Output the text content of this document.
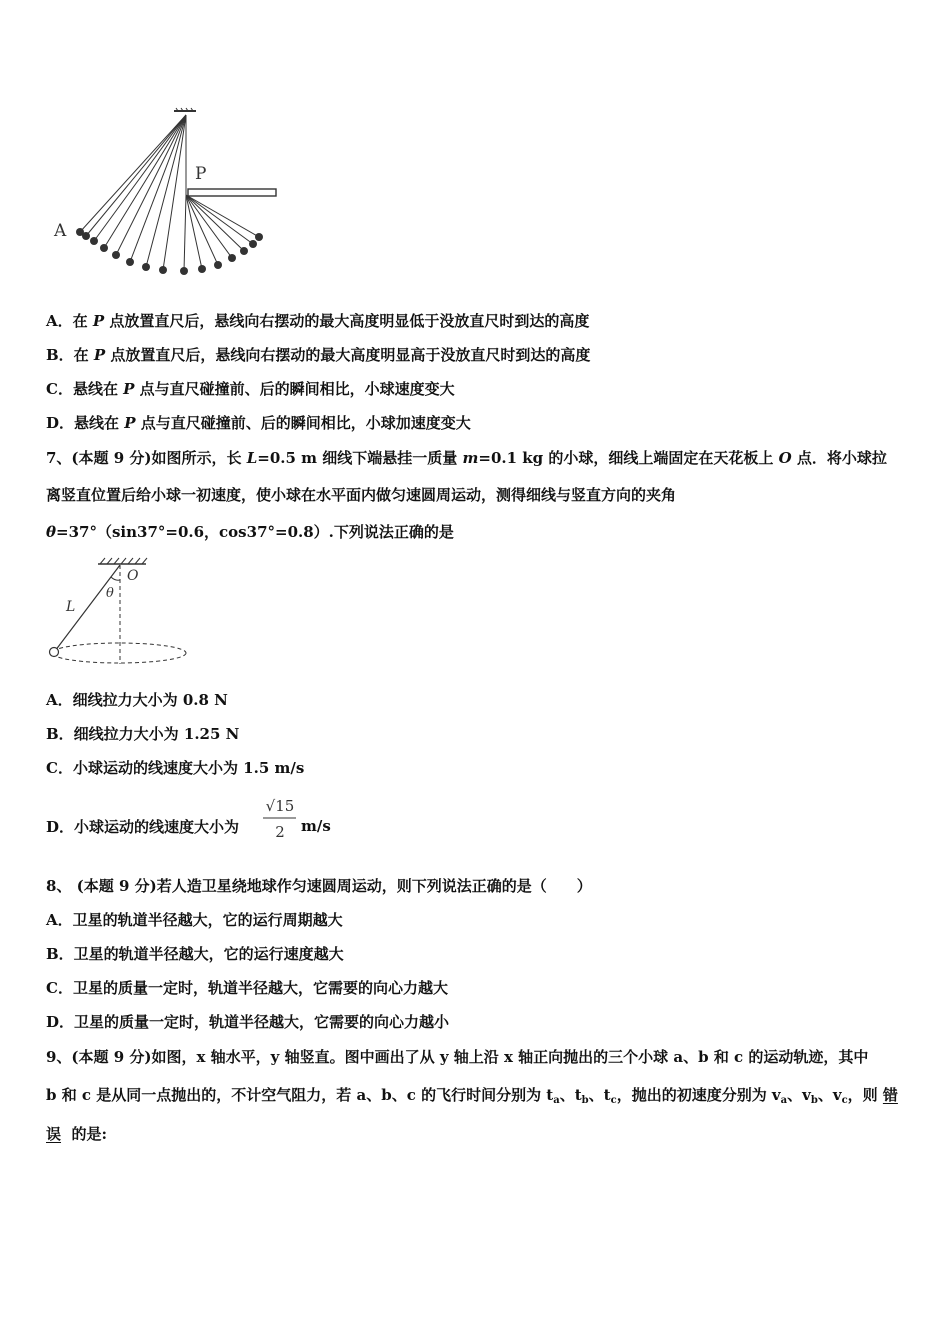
A
P
A．在 P 点放置直尺后，悬线向右摆动的最大高度明显低于没放直尺时到达的高度
B．在 P 点放置直尺后，悬线向右摆动的最大高度明显高于没放直尺时到达的高度
C．悬线在 P 点与直尺碰撞前、后的瞬间相比，小球速度变大
D．悬线在 P 点与直尺碰撞前、后的瞬间相比，小球加速度变大
7、(本题 9 分)如图所示，长 L=0.5 m 细线下端悬挂一质量 m=0.1 kg 的小球，细线上端固定在天花板上 O 点．将小球拉
离竖直位置后给小球一初速度，使小球在水平面内做匀速圆周运动，测得细线与竖直方向的夹角
θ=37°（sin37°=0.6，cos37°=0.8）.下列说法正确的是
O
θ
L
A．细线拉力大小为 0.8 N
B．细线拉力大小为 1.25 N
C．小球运动的线速度大小为 1.5 m/s
D．小球运动的线速度大小为
√15
2 m/s
8、 (本题 9 分)若人造卫星绕地球作匀速圆周运动，则下列说法正确的是（　　）
A．卫星的轨道半径越大，它的运行周期越大
B．卫星的轨道半径越大，它的运行速度越大
C．卫星的质量一定时，轨道半径越大，它需要的向心力越大
D．卫星的质量一定时，轨道半径越大，它需要的向心力越小
9、(本题 9 分)如图，x 轴水平，y 轴竖直。图中画出了从 y 轴上沿 x 轴正向抛出的三个小球 a、b 和 c 的运动轨迹，其中
b 和 c 是从同一点抛出的，不计空气阻力，若 a、b、c 的飞行时间分别为 $t_a$、$t_b$、$t_c$，抛出的初速度分别为 $v_a$、$v_b$、$v_c$，则 错
误 的是:
